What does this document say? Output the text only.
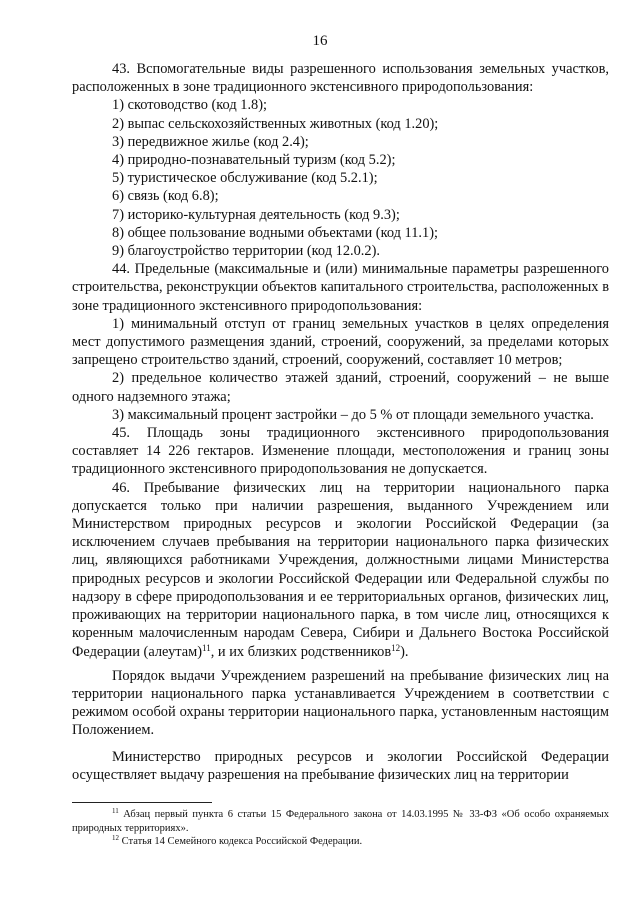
16

43. Вспомогательные виды разрешенного использования земельных участков, расположенных в зоне традиционного экстенсивного природопользования:

1) скотоводство (код 1.8);

2) выпас сельскохозяйственных животных (код 1.20);

3) передвижное жилье (код 2.4);

4) природно-познавательный туризм (код 5.2);

5) туристическое обслуживание (код 5.2.1);

6) связь (код 6.8);

7) историко-культурная деятельность (код 9.3);

8) общее пользование водными объектами (код 11.1);

9) благоустройство территории (код 12.0.2).

44. Предельные (максимальные и (или) минимальные параметры разрешенного строительства, реконструкции объектов капитального строительства, расположенных в зоне традиционного экстенсивного природопользования:

1) минимальный отступ от границ земельных участков в целях определения мест допустимого размещения зданий, строений, сооружений, за пределами которых запрещено строительство зданий, строений, сооружений, составляет 10 метров;

2) предельное количество этажей зданий, строений, сооружений – не выше одного надземного этажа;

3) максимальный процент застройки – до 5 % от площади земельного участка.

45. Площадь зоны традиционного экстенсивного природопользования составляет 14 226 гектаров. Изменение площади, местоположения и границ зоны традиционного экстенсивного природопользования не допускается.

46. Пребывание физических лиц на территории национального парка допускается только при наличии разрешения, выданного Учреждением или Министерством природных ресурсов и экологии Российской Федерации (за исключением случаев пребывания на территории национального парка физических лиц, являющихся работниками Учреждения, должностными лицами Министерства природных ресурсов и экологии Российской Федерации или Федеральной службы по надзору в сфере природопользования и ее территориальных органов, физических лиц, проживающих на территории национального парка, в том числе лиц, относящихся к коренным малочисленным народам Севера, Сибири и Дальнего Востока Российской Федерации (алеутам)$^{11}$, и их близких родственников$^{12}$).

Порядок выдачи Учреждением разрешений на пребывание физических лиц на территории национального парка устанавливается Учреждением в соответствии с режимом особой охраны территории национального парка, установленным настоящим Положением.

Министерство природных ресурсов и экологии Российской Федерации осуществляет выдачу разрешения на пребывание физических лиц на территории

$^{11}$ Абзац первый пункта 6 статьи 15 Федерального закона от 14.03.1995 № 33-ФЗ «Об особо охраняемых природных территориях».

$^{12}$ Статья 14 Семейного кодекса Российской Федерации.
